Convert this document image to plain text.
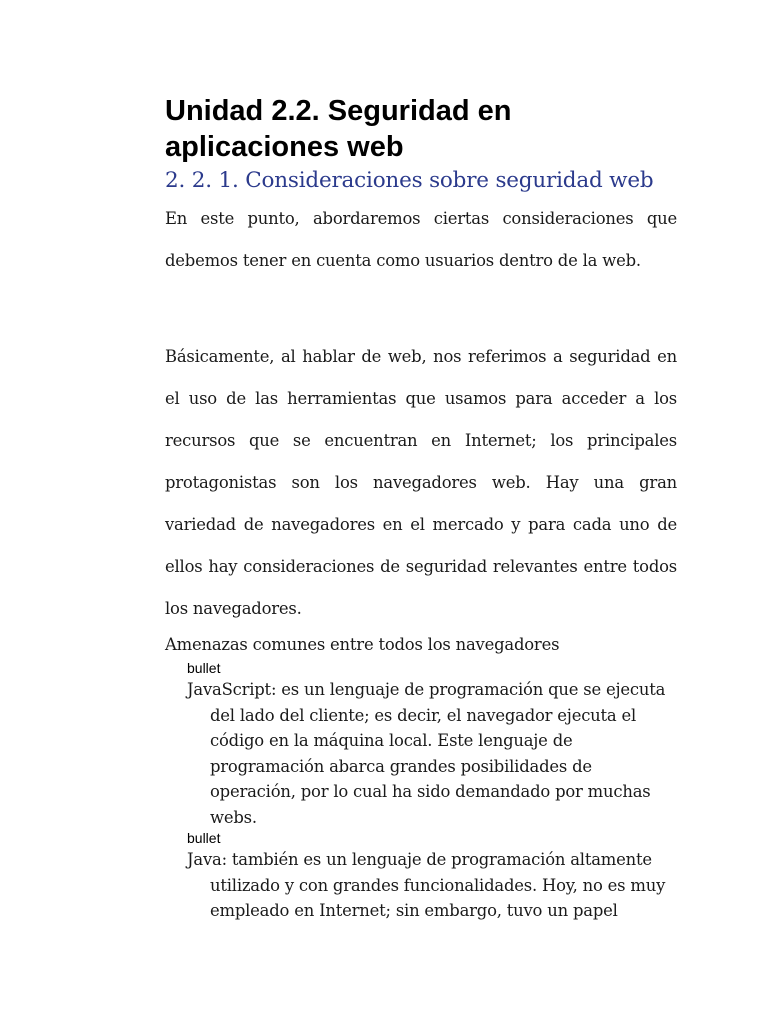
Unidad 2.2. Seguridad en aplicaciones web
2. 2. 1. Consideraciones sobre seguridad web

En este punto, abordaremos ciertas consideraciones que debemos tener en cuenta como usuarios dentro de la web.

Básicamente, al hablar de web, nos referimos a seguridad en el uso de las herramientas que usamos para acceder a los recursos que se encuentran en Internet; los principales protagonistas son los navegadores web. Hay una gran variedad de navegadores en el mercado y para cada uno de ellos hay consideraciones de seguridad relevantes entre todos los navegadores.

Amenazas comunes entre todos los navegadores

bullet
JavaScript: es un lenguaje de programación que se ejecuta del lado del cliente; es decir, el navegador ejecuta el código en la máquina local. Este lenguaje de programación abarca grandes posibilidades de operación, por lo cual ha sido demandado por muchas webs.
bullet
Java: también es un lenguaje de programación altamente utilizado y con grandes funcionalidades. Hoy, no es muy empleado en Internet; sin embargo, tuvo un papel
